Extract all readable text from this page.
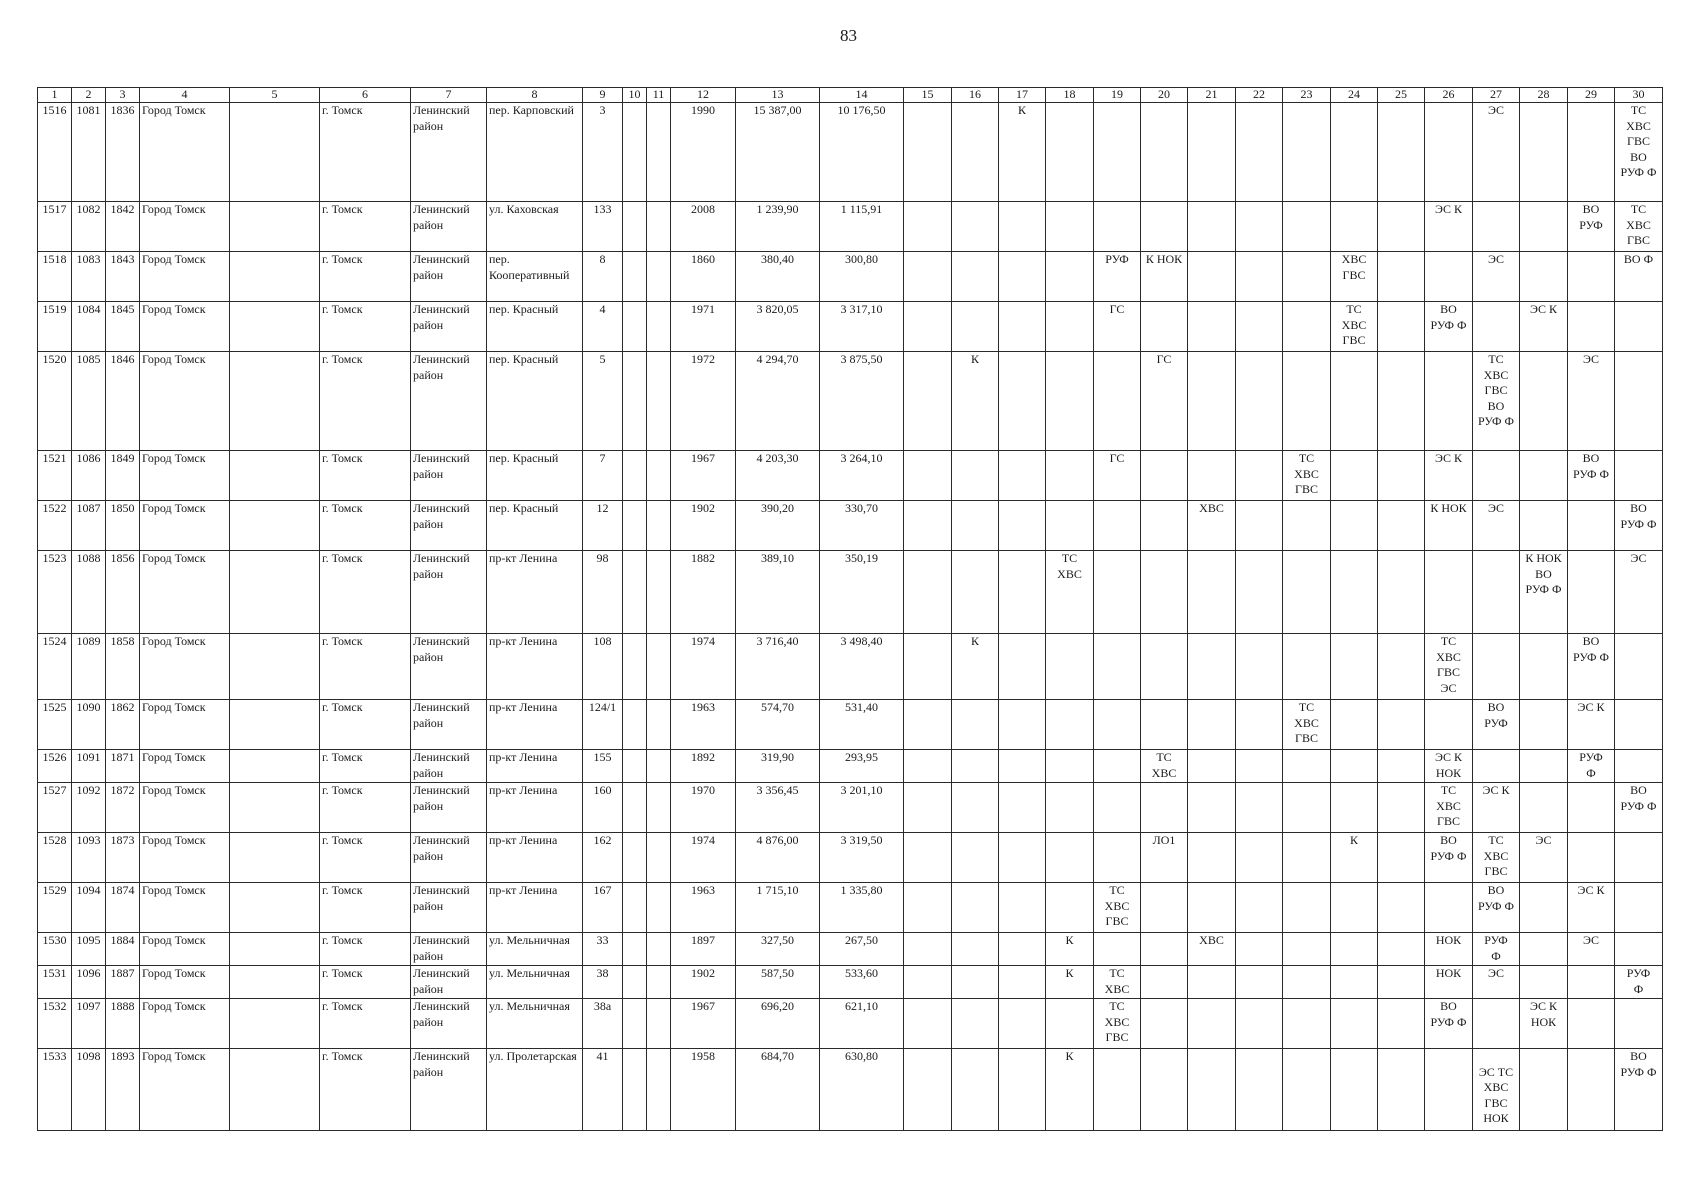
83
1	2	3	4	5	6	7	8	9	10	11	12	13	14	15	16	17	18	19	20	21	22	23	24	25	26	27	28	29	30
1516	1081	1836	Город Томск		г. Томск	Ленинский район	пер. Карповский	3			1990	15 387,00	10 176,50			К										ЭС			ТС
ХВС
ГВС
ВО
РУФ Ф
1517	1082	1842	Город Томск		г. Томск	Ленинский район	ул. Каховская	133			2008	1 239,90	1 115,91												ЭС К			ВО
РУФ	ТС
ХВС
ГВС
1518	1083	1843	Город Томск		г. Томск	Ленинский район	пер. Кооперативный	8			1860	380,40	300,80					РУФ	К НОК				ХВС
ГВС			ЭС			ВО Ф
1519	1084	1845	Город Томск		г. Томск	Ленинский район	пер. Красный	4			1971	3 820,05	3 317,10					ГС					ТС
ХВС
ГВС		ВО
РУФ Ф		ЭС К		
1520	1085	1846	Город Томск		г. Томск	Ленинский район	пер. Красный	5			1972	4 294,70	3 875,50		К				ГС							ТС
ХВС
ГВС
ВО
РУФ Ф		ЭС	
1521	1086	1849	Город Томск		г. Томск	Ленинский район	пер. Красный	7			1967	4 203,30	3 264,10					ГС				ТС
ХВС
ГВС			ЭС К			ВО
РУФ Ф	
1522	1087	1850	Город Томск		г. Томск	Ленинский район	пер. Красный	12			1902	390,20	330,70							ХВС					К НОК	ЭС			ВО
РУФ Ф
1523	1088	1856	Город Томск		г. Томск	Ленинский район	пр-кт Ленина	98			1882	389,10	350,19				ТС
ХВС										К НОК
ВО
РУФ Ф		ЭС
1524	1089	1858	Город Томск		г. Томск	Ленинский район	пр-кт Ленина	108			1974	3 716,40	3 498,40		К										ТС
ХВС
ГВС
ЭС			ВО
РУФ Ф	
1525	1090	1862	Город Томск		г. Томск	Ленинский район	пр-кт Ленина	124/1			1963	574,70	531,40									ТС
ХВС
ГВС				ВО
РУФ		ЭС К	
1526	1091	1871	Город Томск		г. Томск	Ленинский район	пр-кт Ленина	155			1892	319,90	293,95						ТС
ХВС						ЭС К
НОК			РУФ
Ф	
1527	1092	1872	Город Томск		г. Томск	Ленинский район	пр-кт Ленина	160			1970	3 356,45	3 201,10												ТС
ХВС
ГВС	ЭС К			ВО
РУФ Ф
1528	1093	1873	Город Томск		г. Томск	Ленинский район	пр-кт Ленина	162			1974	4 876,00	3 319,50						ЛО1				К		ВО
РУФ Ф	ТС
ХВС
ГВС	ЭС		
1529	1094	1874	Город Томск		г. Томск	Ленинский район	пр-кт Ленина	167			1963	1 715,10	1 335,80					ТС
ХВС
ГВС								ВО
РУФ Ф		ЭС К	
1530	1095	1884	Город Томск		г. Томск	Ленинский район	ул. Мельничная	33			1897	327,50	267,50				К			ХВС					НОК	РУФ
Ф		ЭС	
1531	1096	1887	Город Томск		г. Томск	Ленинский район	ул. Мельничная	38			1902	587,50	533,60				К	ТС
ХВС							НОК	ЭС			РУФ
Ф
1532	1097	1888	Город Томск		г. Томск	Ленинский район	ул. Мельничная	38а			1967	696,20	621,10					ТС
ХВС
ГВС							ВО
РУФ Ф		ЭС К
НОК		
1533	1098	1893	Город Томск		г. Томск	Ленинский район	ул. Пролетарская	41			1958	684,70	630,80				К									
ЭС ТС
ХВС
ГВС
НОК			ВО
РУФ Ф
